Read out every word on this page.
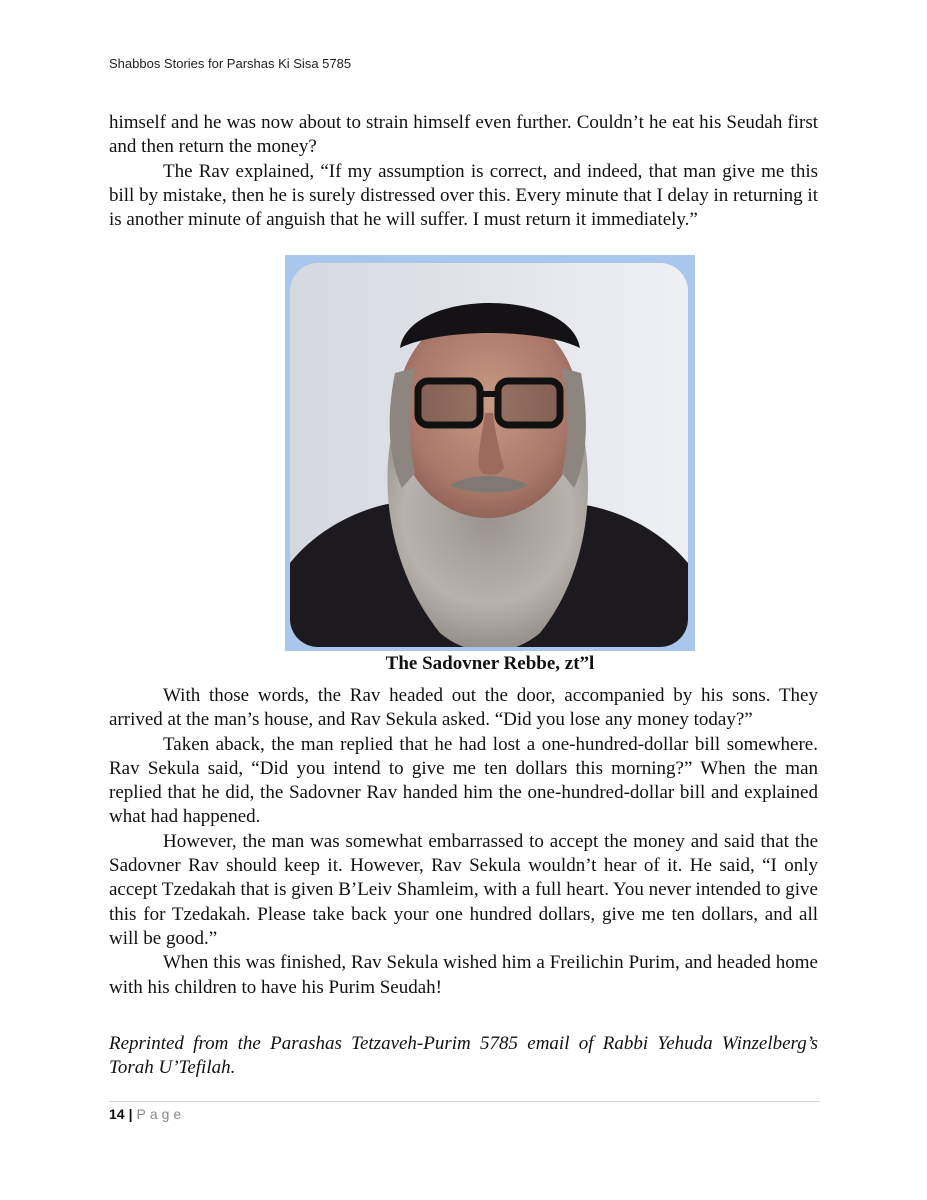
Shabbos Stories for Parshas Ki Sisa 5785

himself and he was now about to strain himself even further. Couldn’t he eat his Seudah first and then return the money?

The Rav explained, “If my assumption is correct, and indeed, that man give me this bill by mistake, then he is surely distressed over this. Every minute that I delay in returning it is another minute of anguish that he will suffer. I must return it immediately.”

The Sadovner Rebbe, zt”l

With those words, the Rav headed out the door, accompanied by his sons. They arrived at the man’s house, and Rav Sekula asked. “Did you lose any money today?”

Taken aback, the man replied that he had lost a one-hundred-dollar bill somewhere. Rav Sekula said, “Did you intend to give me ten dollars this morning?” When the man replied that he did, the Sadovner Rav handed him the one-hundred-dollar bill and explained what had happened.

However, the man was somewhat embarrassed to accept the money and said that the Sadovner Rav should keep it. However, Rav Sekula wouldn’t hear of it. He said, “I only accept Tzedakah that is given B’Leiv Shamleim, with a full heart. You never intended to give this for Tzedakah. Please take back your one hundred dollars, give me ten dollars, and all will be good.”

When this was finished, Rav Sekula wished him a Freilichin Purim, and headed home with his children to have his Purim Seudah!

Reprinted from the Parashas Tetzaveh-Purim 5785 email of Rabbi Yehuda Winzelberg’s Torah U’Tefilah.
14 | Page
